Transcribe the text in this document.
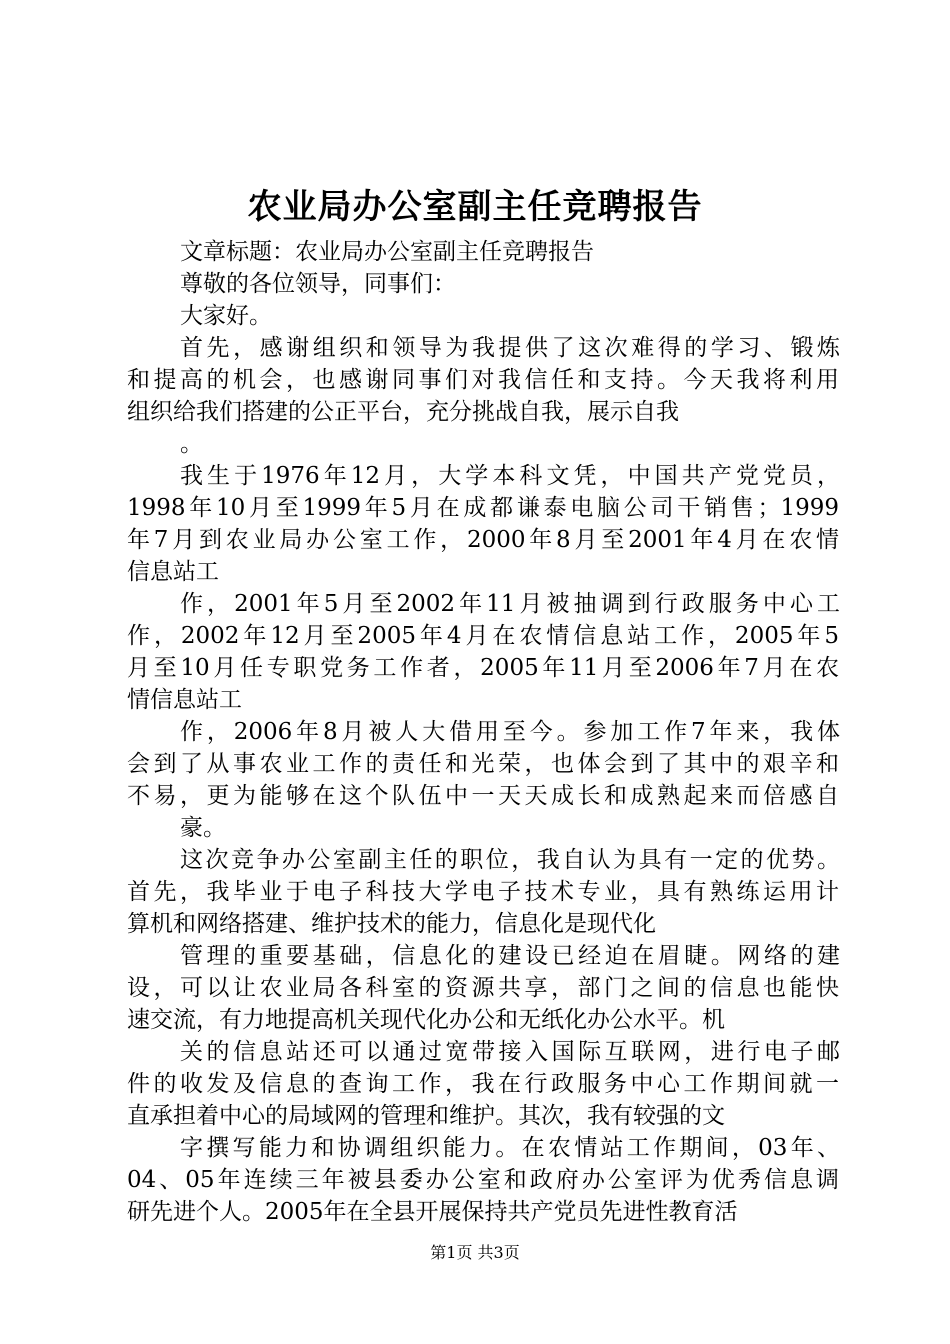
农业局办公室副主任竞聘报告
文章标题：农业局办公室副主任竞聘报告
尊敬的各位领导，同事们：
大家好。
首先，感谢组织和领导为我提供了这次难得的学习、锻炼
和提高的机会，也感谢同事们对我信任和支持。今天我将利用
组织给我们搭建的公正平台，充分挑战自我，展示自我
。
我生于1976年12月，大学本科文凭，中国共产党党员，
1998年10月至1999年5月在成都谦泰电脑公司干销售；1999
年7月到农业局办公室工作，2000年8月至2001年4月在农情
信息站工
作，2001年5月至2002年11月被抽调到行政服务中心工
作，2002年12月至2005年4月在农情信息站工作，2005年5
月至10月任专职党务工作者，2005年11月至2006年7月在农
情信息站工
作，2006年8月被人大借用至今。参加工作7年来，我体
会到了从事农业工作的责任和光荣，也体会到了其中的艰辛和
不易，更为能够在这个队伍中一天天成长和成熟起来而倍感自
豪。
这次竞争办公室副主任的职位，我自认为具有一定的优势。
首先，我毕业于电子科技大学电子技术专业，具有熟练运用计
算机和网络搭建、维护技术的能力，信息化是现代化
管理的重要基础，信息化的建设已经迫在眉睫。网络的建
设，可以让农业局各科室的资源共享，部门之间的信息也能快
速交流，有力地提高机关现代化办公和无纸化办公水平。机
关的信息站还可以通过宽带接入国际互联网，进行电子邮
件的收发及信息的查询工作，我在行政服务中心工作期间就一
直承担着中心的局域网的管理和维护。其次，我有较强的文
字撰写能力和协调组织能力。在农情站工作期间，03年、
04、05年连续三年被县委办公室和政府办公室评为优秀信息调
研先进个人。2005年在全县开展保持共产党员先进性教育活
第1页 共3页
